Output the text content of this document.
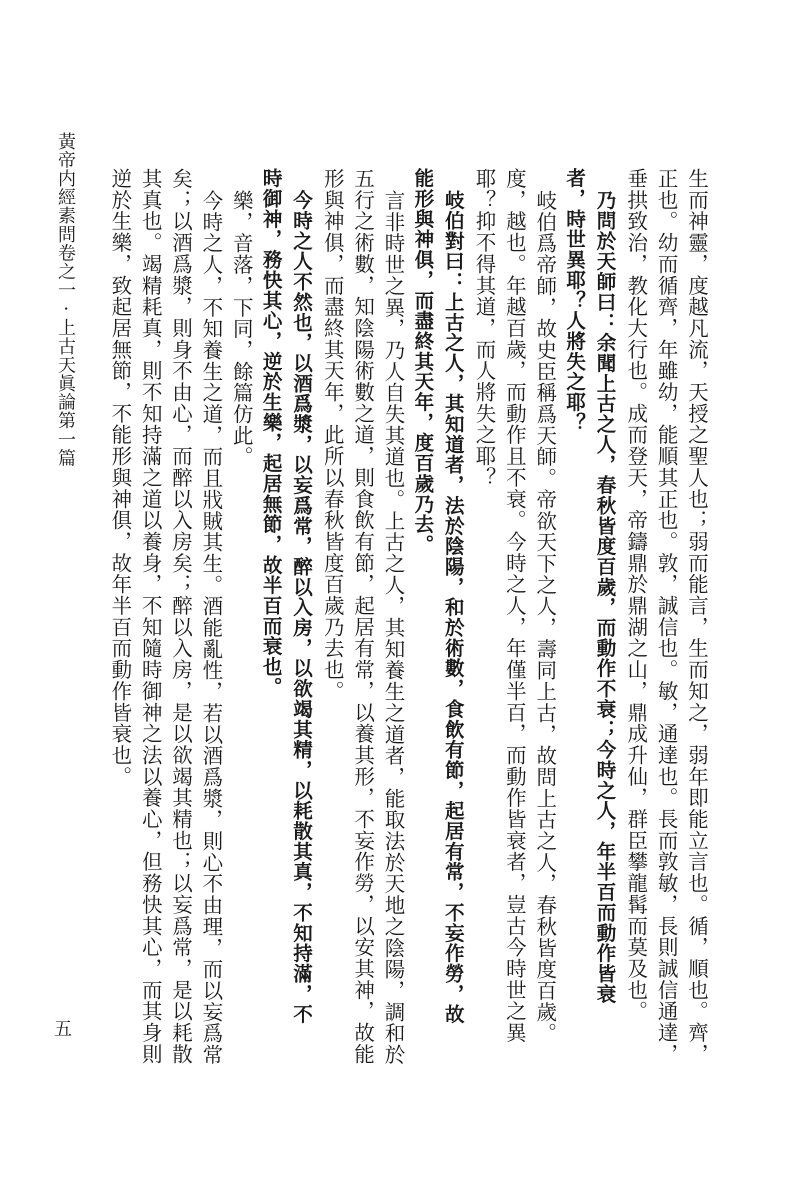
黃帝内經素問卷之一 · 上古天眞論第一篇	生而神靈，度越凡流，天授之聖人也；弱而能言，生而知之，弱年即能立言也。循，順也。齊，
正也。幼而循齊，年雖幼，能順其正也。敦，誠信也。敏，通達也。長而敦敏，長則誠信通達，
垂拱致治，教化大行也。成而登天，帝鑄鼎於鼎湖之山，鼎成升仙，群臣攀龍髯而莫及也。
乃問於天師曰：余聞上古之人，春秋皆度百歲，而動作不衰；今時之人，年半百而動作皆衰
者，時世異耶？人將失之耶？
岐伯爲帝師，故史臣稱爲天師。帝欲天下之人，壽同上古，故問上古之人，春秋皆度百歲。
度，越也。年越百歲，而動作且不衰。今時之人，年僅半百，而動作皆衰者，豈古今時世之異
耶？抑不得其道，而人將失之耶？
岐伯對曰：上古之人，其知道者，法於陰陽，和於術數，食飲有節，起居有常，不妄作勞，故
能形與神俱，而盡終其天年，度百歲乃去。
言非時世之異，乃人自失其道也。上古之人，其知養生之道者，能取法於天地之陰陽，調和於
五行之術數，知陰陽術數之道，則食飲有節，起居有常，以養其形，不妄作勞，以安其神，故能
形與神俱，而盡終其天年，此所以春秋皆度百歲乃去也。
今時之人不然也，以酒爲漿，以妄爲常，醉以入房，以欲竭其精，以耗散其真，不知持滿，不
時御神，務快其心，逆於生樂，起居無節，故半百而衰也。
樂，音落，下同，餘篇仿此。
今時之人，不知養生之道，而且戕賊其生。酒能亂性，若以酒爲漿，則心不由理，而以妄爲常
矣；以酒爲漿，則身不由心，而醉以入房矣；醉以入房，是以欲竭其精也；以妄爲常，是以耗散
其真也。竭精耗真，則不知持滿之道以養身，不知隨時御神之法以養心，但務快其心，而其身則
逆於生樂，致起居無節，不能形與神俱，故年半百而動作皆衰也。
五
